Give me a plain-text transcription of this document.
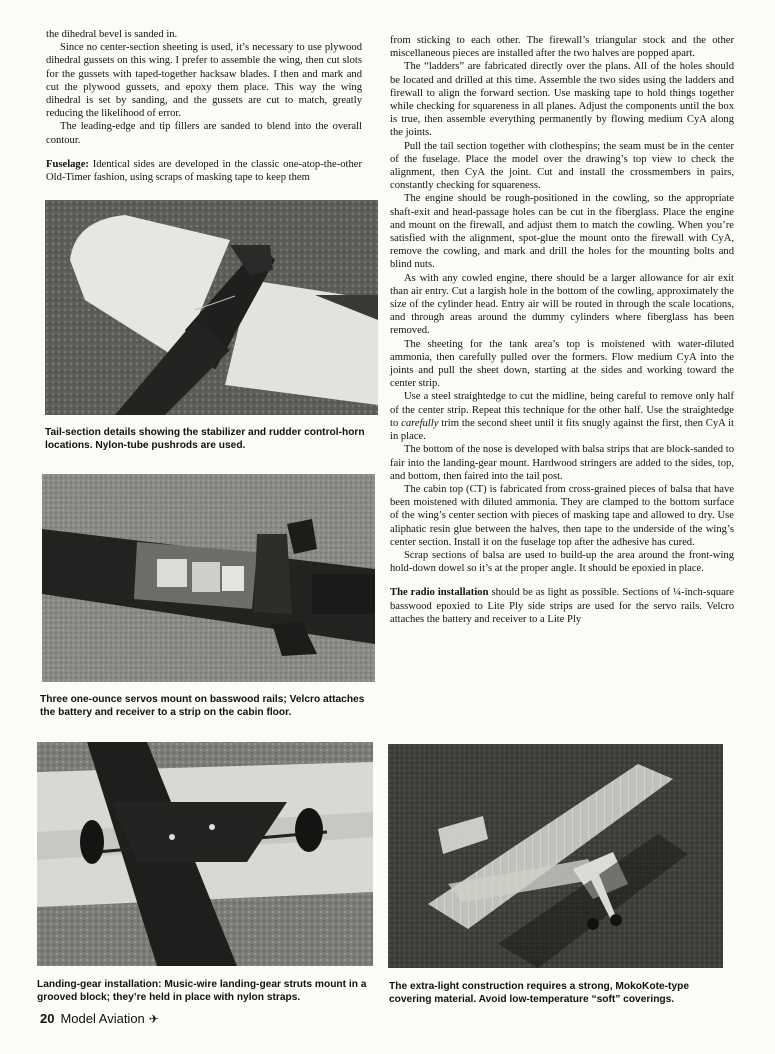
the dihedral bevel is sanded in.

Since no center-section sheeting is used, it’s necessary to use plywood dihedral gussets on this wing. I prefer to assemble the wing, then cut slots for the gussets with taped-together hacksaw blades. I then and mark and cut the plywood gussets, and epoxy them place. This way the wing dihedral is set by sanding, and the gussets are cut to match, greatly reducing the likelihood of error.

The leading-edge and tip fillers are sanded to blend into the overall contour.

Fuselage: Identical sides are developed in the classic one-atop-the-other Old-Timer fashion, using scraps of masking tape to keep them

Tail-section details showing the stabilizer and rudder control-horn locations. Nylon-tube pushrods are used.
Three one-ounce servos mount on basswood rails; Velcro attaches the battery and receiver to a strip on the cabin floor.
Landing-gear installation: Music-wire landing-gear struts mount in a grooved block; they’re held in place with nylon straps.

from sticking to each other. The firewall’s triangular stock and the other miscellaneous pieces are installed after the two halves are popped apart.

The “ladders” are fabricated directly over the plans. All of the holes should be located and drilled at this time. Assemble the two sides using the ladders and firewall to align the forward section. Use masking tape to hold things together while checking for squareness in all planes. Adjust the components until the box is true, then assemble everything permanently by flowing medium CyA along the joints.

Pull the tail section together with clothespins; the seam must be in the center of the fuselage. Place the model over the drawing’s top view to check the alignment, then CyA the joint. Cut and install the crossmembers in pairs, constantly checking for squareness.

The engine should be rough-positioned in the cowling, so the appropriate shaft-exit and head-passage holes can be cut in the fiberglass. Place the engine and mount on the firewall, and adjust them to match the cowling. When you’re satisfied with the alignment, spot-glue the mount onto the firewall with CyA, remove the cowling, and mark and drill the holes for the mounting bolts and blind nuts.

As with any cowled engine, there should be a larger allowance for air exit than air entry. Cut a largish hole in the bottom of the cowling, approximately the size of the cylinder head. Entry air will be routed in through the scale locations, and through areas around the dummy cylinders where fiberglass has been removed.

The sheeting for the tank area’s top is moistened with water-diluted ammonia, then carefully pulled over the formers. Flow medium CyA into the joints and pull the sheet down, starting at the sides and working toward the center strip.

Use a steel straightedge to cut the midline, being careful to remove only half of the center strip. Repeat this technique for the other half. Use the straightedge to carefully trim the second sheet until it fits snugly against the first, then CyA it in place.

The bottom of the nose is developed with balsa strips that are block-sanded to fair into the landing-gear mount. Hardwood stringers are added to the sides, top, and bottom, then faired into the tail post.

The cabin top (CT) is fabricated from cross-grained pieces of balsa that have been moistened with diluted ammonia. They are clamped to the bottom surface of the wing’s center section with pieces of masking tape and allowed to dry. Use aliphatic resin glue between the halves, then tape to the underside of the wing’s center section. Install it on the fuselage top after the adhesive has cured.

Scrap sections of balsa are used to build-up the area around the front-wing hold-down dowel so it’s at the proper angle. It should be epoxied in place.

The radio installation should be as light as possible. Sections of ¼-inch-square basswood epoxied to Lite Ply side strips are used for the servo rails. Velcro attaches the battery and receiver to a Lite Ply

The extra-light construction requires a strong, MokoKote-type covering material. Avoid low-temperature “soft” coverings.
20 Model Aviation ✈
